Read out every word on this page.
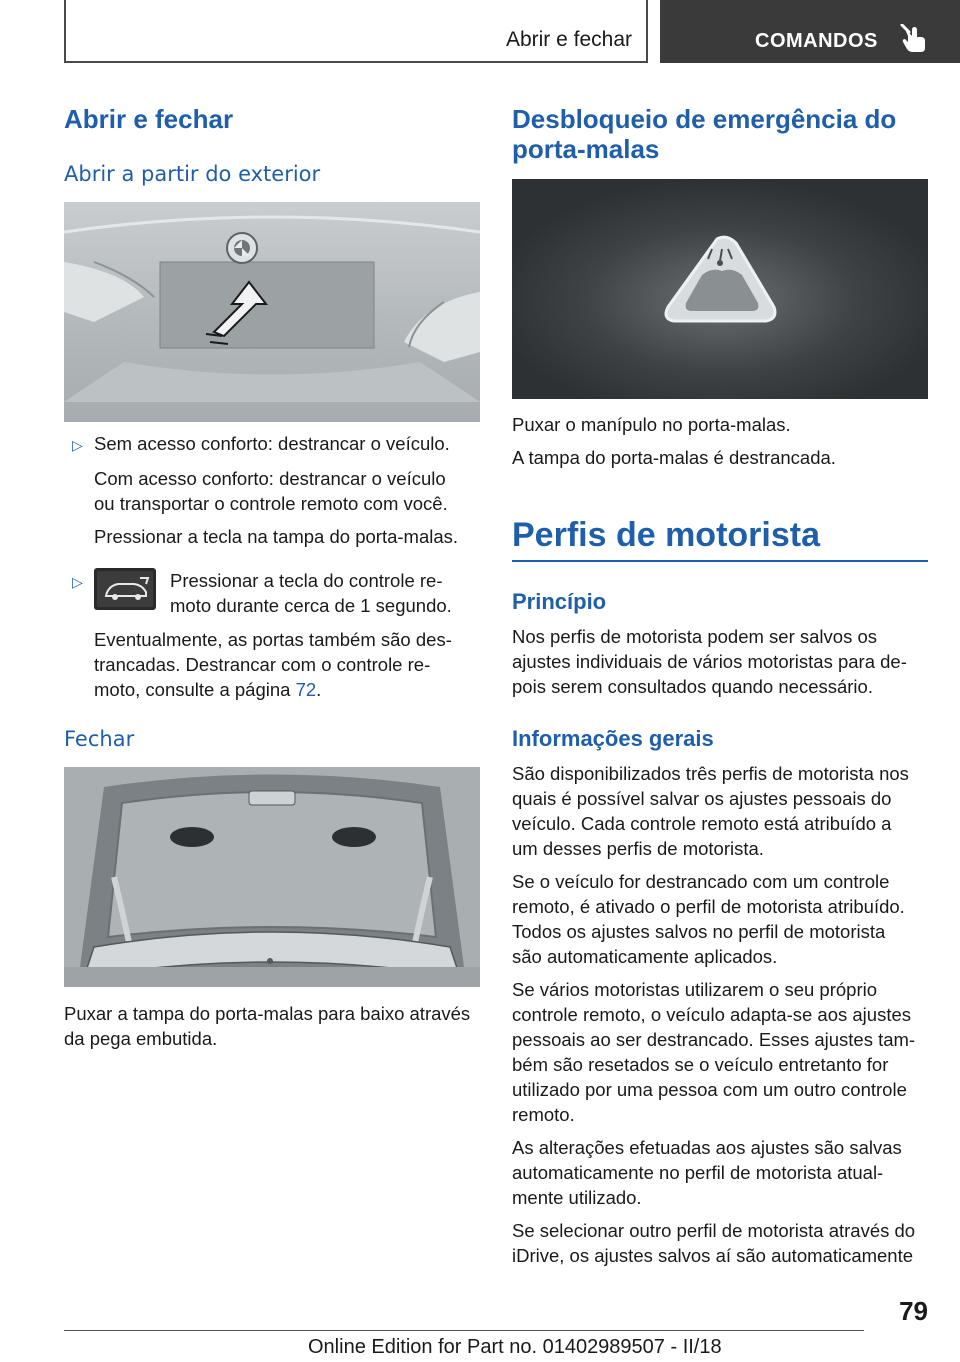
Abrir e fechar	COMANDOS
Abrir e fechar
Abrir a partir do exterior
▷ Sem acesso conforto: destrancar o veículo.
Com acesso conforto: destrancar o veículo
ou transportar o controle remoto com você.
Pressionar a tecla na tampa do porta-malas.
▷	Pressionar a tecla do controle re-
moto durante cerca de 1 segundo.
Eventualmente, as portas também são des-
trancadas. Destrancar com o controle re-
moto, consulte a página 72.
Fechar
Puxar a tampa do porta-malas para baixo através
da pega embutida.
Desbloqueio de emergência do
porta-malas
Puxar o manípulo no porta-malas.
A tampa do porta-malas é destrancada.
Perfis de motorista
Princípio
Nos perfis de motorista podem ser salvos os
ajustes individuais de vários motoristas para de-
pois serem consultados quando necessário.
Informações gerais
São disponibilizados três perfis de motorista nos
quais é possível salvar os ajustes pessoais do
veículo. Cada controle remoto está atribuído a
um desses perfis de motorista.
Se o veículo for destrancado com um controle
remoto, é ativado o perfil de motorista atribuído.
Todos os ajustes salvos no perfil de motorista
são automaticamente aplicados.
Se vários motoristas utilizarem o seu próprio
controle remoto, o veículo adapta-se aos ajustes
pessoais ao ser destrancado. Esses ajustes tam-
bém são resetados se o veículo entretanto for
utilizado por uma pessoa com um outro controle
remoto.
As alterações efetuadas aos ajustes são salvas
automaticamente no perfil de motorista atual-
mente utilizado.
Se selecionar outro perfil de motorista através do
iDrive, os ajustes salvos aí são automaticamente
79
Online Edition for Part no. 01402989507 - II/18
